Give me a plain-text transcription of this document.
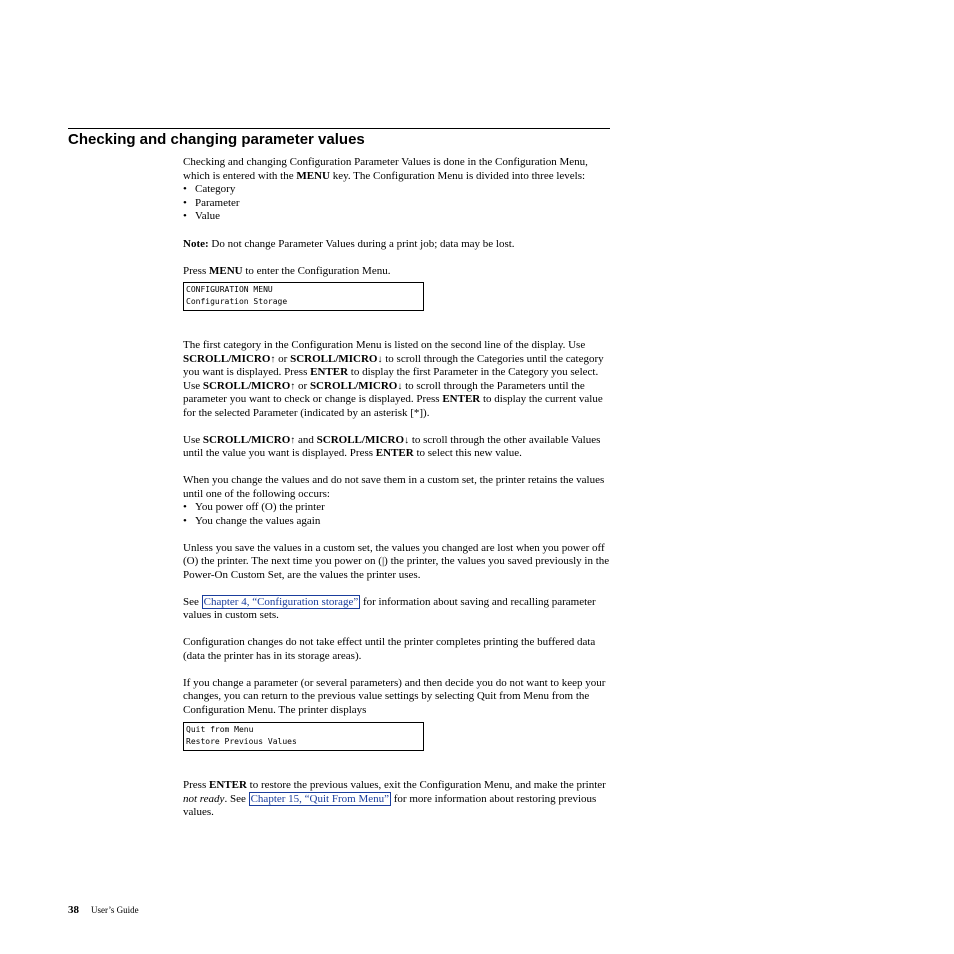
Checking and changing parameter values

Checking and changing Configuration Parameter Values is done in the Configuration Menu, which is entered with the MENU key. The Configuration Menu is divided into three levels:

• Category
• Parameter
• Value

Note: Do not change Parameter Values during a print job; data may be lost.

Press MENU to enter the Configuration Menu.

CONFIGURATION MENU
Configuration Storage

The first category in the Configuration Menu is listed on the second line of the display. Use SCROLL/MICRO↑ or SCROLL/MICRO↓ to scroll through the Categories until the category you want is displayed. Press ENTER to display the first Parameter in the Category you select. Use SCROLL/MICRO↑ or SCROLL/MICRO↓ to scroll through the Parameters until the parameter you want to check or change is displayed. Press ENTER to display the current value for the selected Parameter (indicated by an asterisk [*]).

Use SCROLL/MICRO↑ and SCROLL/MICRO↓ to scroll through the other available Values until the value you want is displayed. Press ENTER to select this new value.

When you change the values and do not save them in a custom set, the printer retains the values until one of the following occurs:

• You power off (O) the printer
• You change the values again

Unless you save the values in a custom set, the values you changed are lost when you power off (O) the printer. The next time you power on (|) the printer, the values you saved previously in the Power-On Custom Set, are the values the printer uses.

See Chapter 4, “Configuration storage” for information about saving and recalling parameter values in custom sets.

Configuration changes do not take effect until the printer completes printing the buffered data (data the printer has in its storage areas).

If you change a parameter (or several parameters) and then decide you do not want to keep your changes, you can return to the previous value settings by selecting Quit from Menu from the Configuration Menu. The printer displays

Quit from Menu
Restore Previous Values

Press ENTER to restore the previous values, exit the Configuration Menu, and make the printer not ready. See Chapter 15, “Quit From Menu” for more information about restoring previous values.

38 User’s Guide
